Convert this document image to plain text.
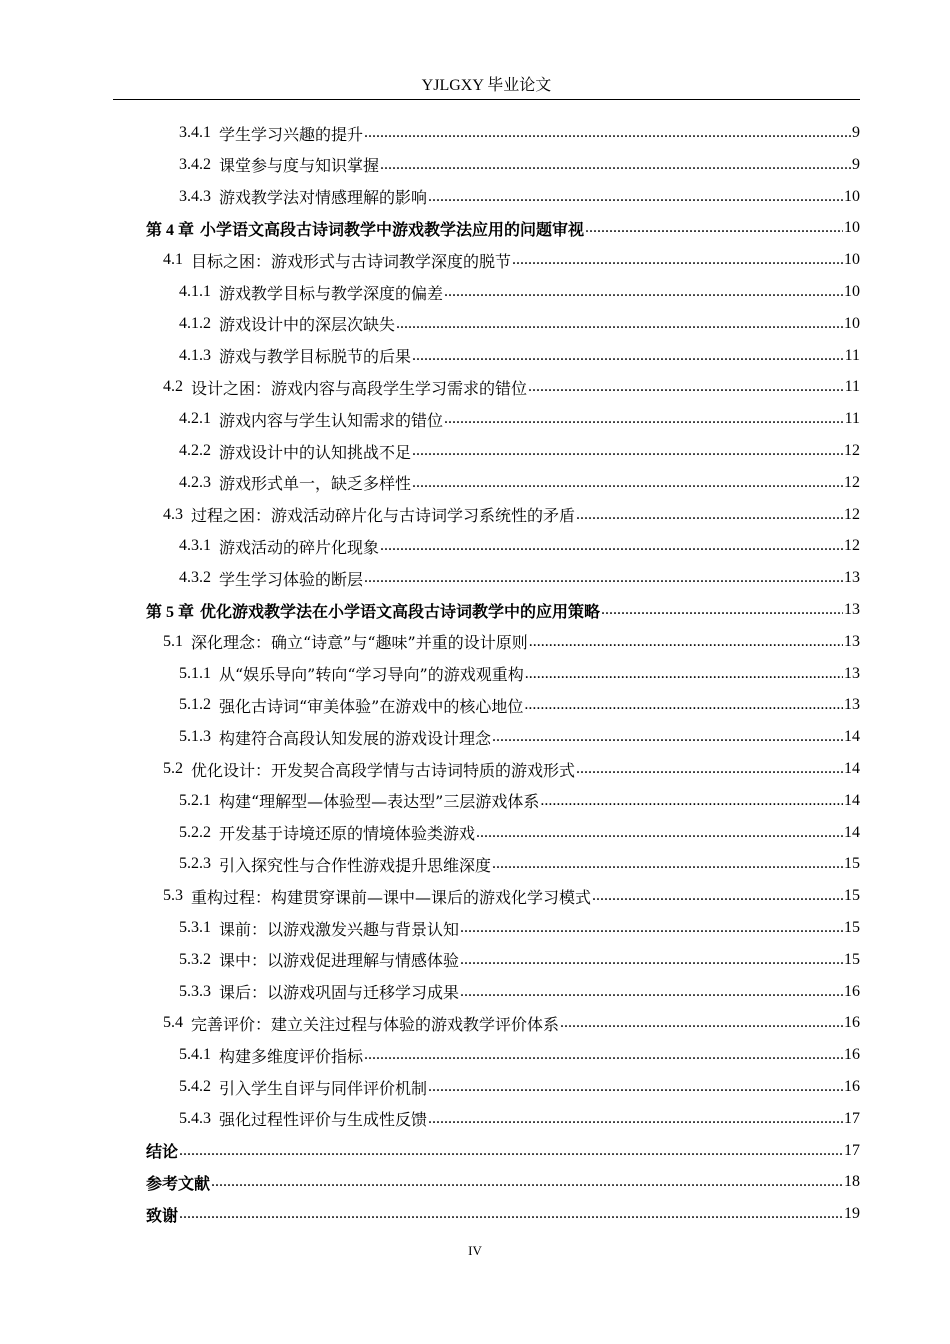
YJLGXY 毕业论文
3.4.1 学生学习兴趣的提升 .....	9
3.4.2 课堂参与度与知识掌握 .....	9
3.4.3 游戏教学法对情感理解的影响 .....	10
第 4 章 小学语文高段古诗词教学中游戏教学法应用的问题审视 .....	10
4.1 目标之困：游戏形式与古诗词教学深度的脱节 .....	10
4.1.1 游戏教学目标与教学深度的偏差 .....	10
4.1.2 游戏设计中的深层次缺失 .....	10
4.1.3 游戏与教学目标脱节的后果 .....	11
4.2 设计之困：游戏内容与高段学生学习需求的错位 .....	11
4.2.1 游戏内容与学生认知需求的错位 .....	11
4.2.2 游戏设计中的认知挑战不足 .....	12
4.2.3 游戏形式单一，缺乏多样性 .....	12
4.3 过程之困：游戏活动碎片化与古诗词学习系统性的矛盾 .....	12
4.3.1 游戏活动的碎片化现象 .....	12
4.3.2 学生学习体验的断层 .....	13
第 5 章 优化游戏教学法在小学语文高段古诗词教学中的应用策略 .....	13
5.1 深化理念：确立“诗意”与“趣味”并重的设计原则 .....	13
5.1.1 从“娱乐导向”转向“学习导向”的游戏观重构 .....	13
5.1.2 强化古诗词“审美体验”在游戏中的核心地位 .....	13
5.1.3 构建符合高段认知发展的游戏设计理念 .....	14
5.2 优化设计：开发契合高段学情与古诗词特质的游戏形式 .....	14
5.2.1 构建“理解型—体验型—表达型”三层游戏体系 .....	14
5.2.2 开发基于诗境还原的情境体验类游戏 .....	14
5.2.3 引入探究性与合作性游戏提升思维深度 .....	15
5.3 重构过程：构建贯穿课前—课中—课后的游戏化学习模式 .....	15
5.3.1 课前：以游戏激发兴趣与背景认知 .....	15
5.3.2 课中：以游戏促进理解与情感体验 .....	15
5.3.3 课后：以游戏巩固与迁移学习成果 .....	16
5.4 完善评价：建立关注过程与体验的游戏教学评价体系 .....	16
5.4.1 构建多维度评价指标 .....	16
5.4.2 引入学生自评与同伴评价机制 .....	16
5.4.3 强化过程性评价与生成性反馈 .....	17
结论 .....	17
参考文献 .....	18
致谢 .....	19
IV
